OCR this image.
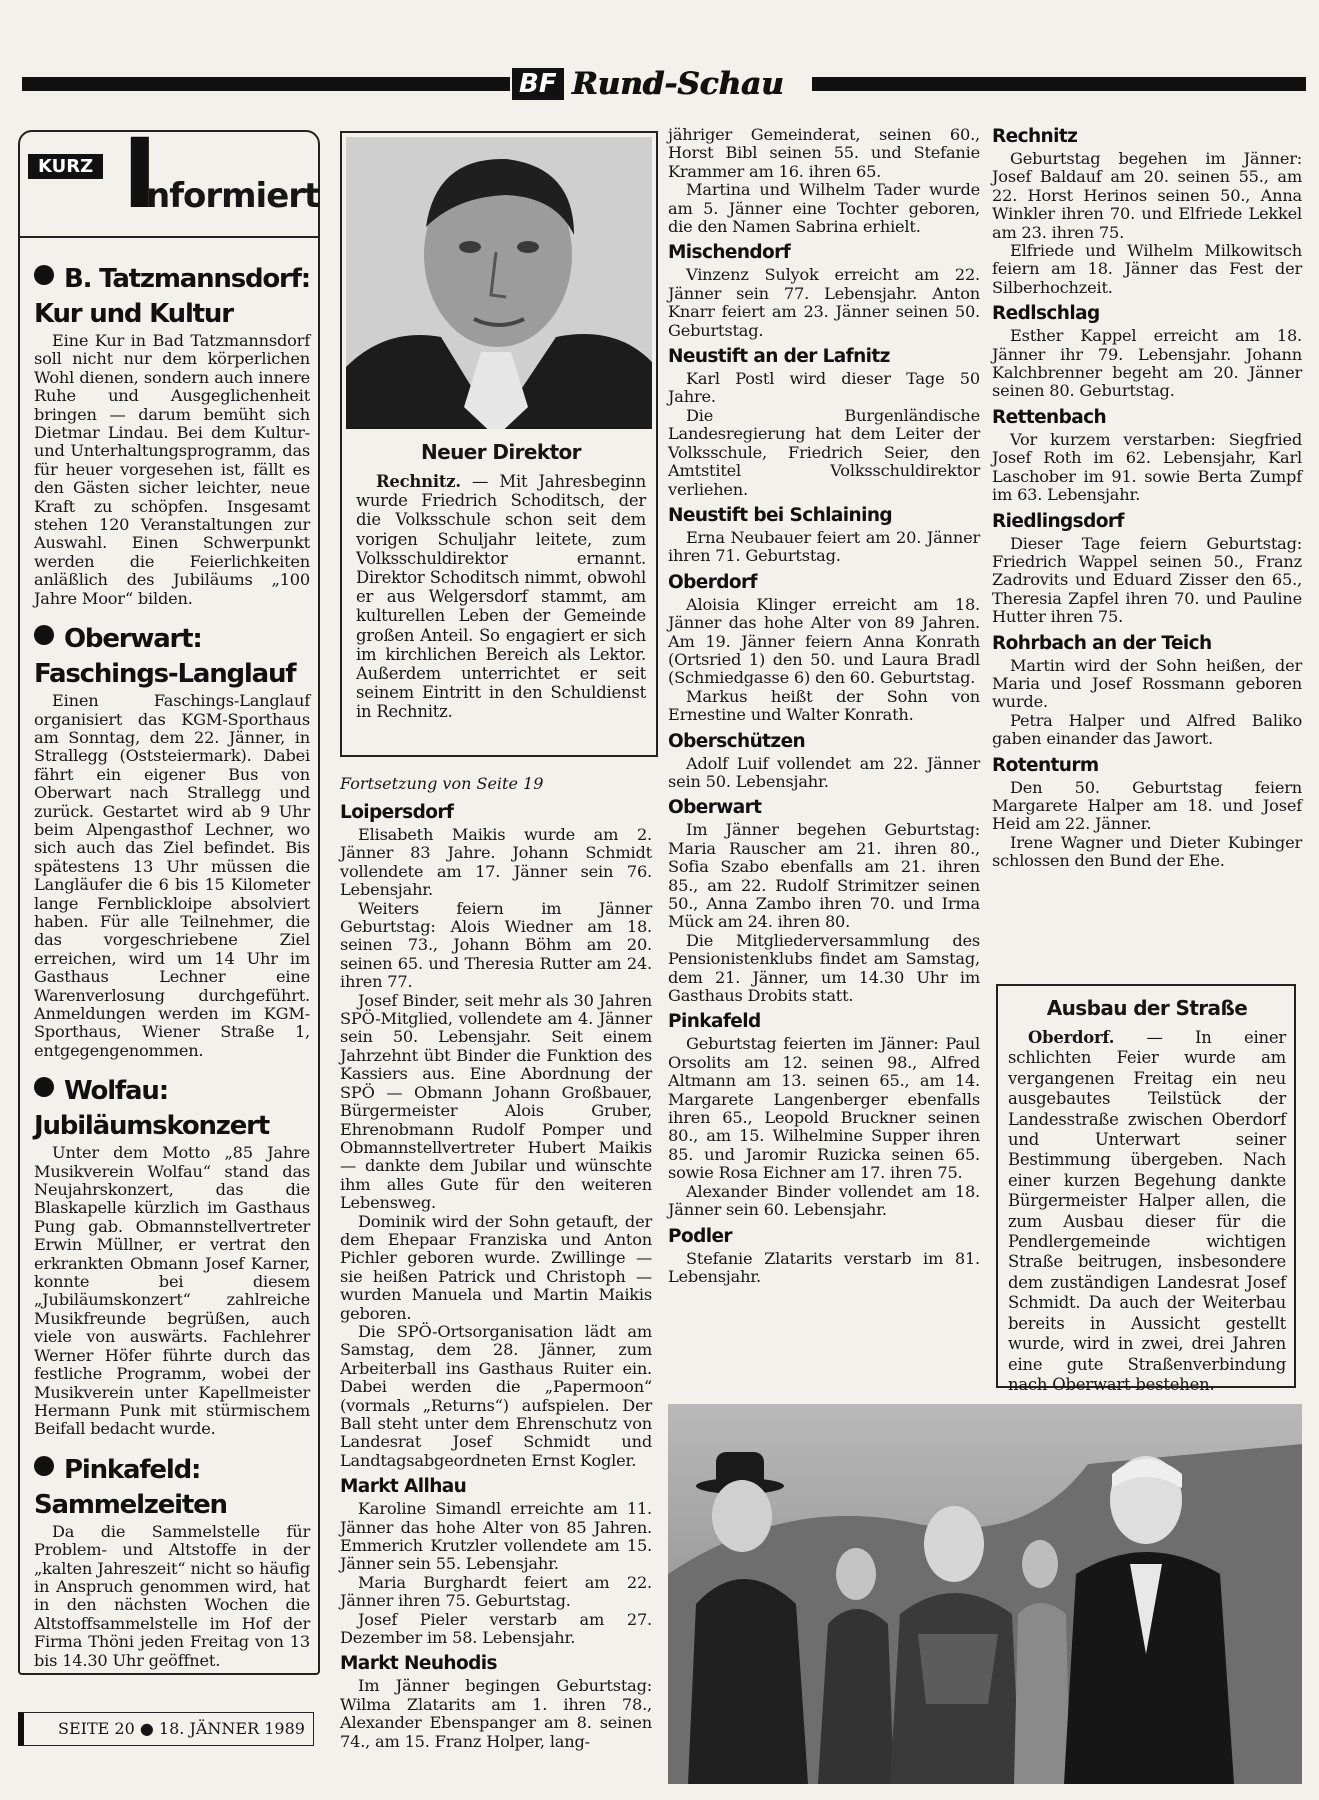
BF Rund-Schau
KURZ I
nformiert
B. Tatzmannsdorf:
Kur und Kultur

Eine Kur in Bad Tatzmannsdorf soll nicht nur dem körperlichen Wohl dienen, sondern auch innere Ruhe und Ausgeglichenheit bringen — darum bemüht sich Dietmar Lindau. Bei dem Kultur- und Unterhaltungsprogramm, das für heuer vorgesehen ist, fällt es den Gästen sicher leichter, neue Kraft zu schöpfen. Insgesamt stehen 120 Veranstaltungen zur Auswahl. Einen Schwerpunkt werden die Feierlichkeiten anläßlich des Jubiläums „100 Jahre Moor“ bilden.

Oberwart:
Faschings-Langlauf

Einen Faschings-Langlauf organisiert das KGM-Sporthaus am Sonntag, dem 22. Jänner, in Strallegg (Oststeiermark). Dabei fährt ein eigener Bus von Oberwart nach Strallegg und zurück. Gestartet wird ab 9 Uhr beim Alpengasthof Lechner, wo sich auch das Ziel befindet. Bis spätestens 13 Uhr müssen die Langläufer die 6 bis 15 Kilometer lange Fernblickloipe absolviert haben. Für alle Teilnehmer, die das vorgeschriebene Ziel erreichen, wird um 14 Uhr im Gasthaus Lechner eine Warenverlosung durchgeführt. Anmeldungen werden im KGM-Sporthaus, Wiener Straße 1, entgegengenommen.

Wolfau:
Jubiläumskonzert

Unter dem Motto „85 Jahre Musikverein Wolfau“ stand das Neujahrskonzert, das die Blaskapelle kürzlich im Gasthaus Pung gab. Obmannstellvertreter Erwin Müllner, er vertrat den erkrankten Obmann Josef Karner, konnte bei diesem „Jubiläumskonzert“ zahlreiche Musikfreunde begrüßen, auch viele von auswärts. Fachlehrer Werner Höfer führte durch das festliche Programm, wobei der Musikverein unter Kapellmeister Hermann Punk mit stürmischem Beifall bedacht wurde.

Pinkafeld:
Sammelzeiten

Da die Sammelstelle für Problem- und Altstoffe in der „kalten Jahreszeit“ nicht so häufig in Anspruch genommen wird, hat in den nächsten Wochen die Altstoffsammelstelle im Hof der Firma Thöni jeden Freitag von 13 bis 14.30 Uhr geöffnet.

SEITE 20 ● 18. JÄNNER 1989
Neuer Direktor

Rechnitz. — Mit Jahresbeginn wurde Friedrich Schoditsch, der die Volksschule schon seit dem vorigen Schuljahr leitete, zum Volksschuldirektor ernannt. Direktor Schoditsch nimmt, obwohl er aus Welgersdorf stammt, am kulturellen Leben der Gemeinde großen Anteil. So engagiert er sich im kirchlichen Bereich als Lektor. Außerdem unterrichtet er seit seinem Eintritt in den Schuldienst in Rechnitz.

Fortsetzung von Seite 19
Loipersdorf

Elisabeth Maikis wurde am 2. Jänner 83 Jahre. Johann Schmidt vollendete am 17. Jänner sein 76. Lebensjahr.

Weiters feiern im Jänner Geburtstag: Alois Wiedner am 18. seinen 73., Johann Böhm am 20. seinen 65. und Theresia Rutter am 24. ihren 77.

Josef Binder, seit mehr als 30 Jahren SPÖ-Mitglied, vollendete am 4. Jänner sein 50. Lebensjahr. Seit einem Jahrzehnt übt Binder die Funktion des Kassiers aus. Eine Abordnung der SPÖ — Obmann Johann Großbauer, Bürgermeister Alois Gruber, Ehrenobmann Rudolf Pomper und Obmannstellvertreter Hubert Maikis — dankte dem Jubilar und wünschte ihm alles Gute für den weiteren Lebensweg.

Dominik wird der Sohn getauft, der dem Ehepaar Franziska und Anton Pichler geboren wurde. Zwillinge — sie heißen Patrick und Christoph — wurden Manuela und Martin Maikis geboren.

Die SPÖ-Ortsorganisation lädt am Samstag, dem 28. Jänner, zum Arbeiterball ins Gasthaus Ruiter ein. Dabei werden die „Papermoon“ (vormals „Returns“) aufspielen. Der Ball steht unter dem Ehrenschutz von Landesrat Josef Schmidt und Landtagsabgeordneten Ernst Kogler.

Markt Allhau

Karoline Simandl erreichte am 11. Jänner das hohe Alter von 85 Jahren. Emmerich Krutzler vollendete am 15. Jänner sein 55. Lebensjahr.

Maria Burghardt feiert am 22. Jänner ihren 75. Geburtstag.

Josef Pieler verstarb am 27. Dezember im 58. Lebensjahr.

Markt Neuhodis

Im Jänner begingen Geburtstag: Wilma Zlatarits am 1. ihren 78., Alexander Ebenspanger am 8. seinen 74., am 15. Franz Holper, lang-

jähriger Gemeinderat, seinen 60., Horst Bibl seinen 55. und Stefanie Krammer am 16. ihren 65.

Martina und Wilhelm Tader wurde am 5. Jänner eine Tochter geboren, die den Namen Sabrina erhielt.

Mischendorf

Vinzenz Sulyok erreicht am 22. Jänner sein 77. Lebensjahr. Anton Knarr feiert am 23. Jänner seinen 50. Geburtstag.

Neustift an der Lafnitz

Karl Postl wird dieser Tage 50 Jahre.

Die Burgenländische Landesregierung hat dem Leiter der Volksschule, Friedrich Seier, den Amtstitel Volksschuldirektor verliehen.

Neustift bei Schlaining

Erna Neubauer feiert am 20. Jänner ihren 71. Geburtstag.

Oberdorf

Aloisia Klinger erreicht am 18. Jänner das hohe Alter von 89 Jahren. Am 19. Jänner feiern Anna Konrath (Ortsried 1) den 50. und Laura Bradl (Schmiedgasse 6) den 60. Geburtstag.

Markus heißt der Sohn von Ernestine und Walter Konrath.

Oberschützen

Adolf Luif vollendet am 22. Jänner sein 50. Lebensjahr.

Oberwart

Im Jänner begehen Geburtstag: Maria Rauscher am 21. ihren 80., Sofia Szabo ebenfalls am 21. ihren 85., am 22. Rudolf Strimitzer seinen 50., Anna Zambo ihren 70. und Irma Mück am 24. ihren 80.

Die Mitgliederversammlung des Pensionistenklubs findet am Samstag, dem 21. Jänner, um 14.30 Uhr im Gasthaus Drobits statt.

Pinkafeld

Geburtstag feierten im Jänner: Paul Orsolits am 12. seinen 98., Alfred Altmann am 13. seinen 65., am 14. Margarete Langenberger ebenfalls ihren 65., Leopold Bruckner seinen 80., am 15. Wilhelmine Supper ihren 85. und Jaromir Ruzicka seinen 65. sowie Rosa Eichner am 17. ihren 75.

Alexander Binder vollendet am 18. Jänner sein 60. Lebensjahr.

Podler

Stefanie Zlatarits verstarb im 81. Lebensjahr.

Rechnitz

Geburtstag begehen im Jänner: Josef Baldauf am 20. seinen 55., am 22. Horst Herinos seinen 50., Anna Winkler ihren 70. und Elfriede Lekkel am 23. ihren 75.

Elfriede und Wilhelm Milkowitsch feiern am 18. Jänner das Fest der Silberhochzeit.

Redlschlag

Esther Kappel erreicht am 18. Jänner ihr 79. Lebensjahr. Johann Kalchbrenner begeht am 20. Jänner seinen 80. Geburtstag.

Rettenbach

Vor kurzem verstarben: Siegfried Josef Roth im 62. Lebensjahr, Karl Laschober im 91. sowie Berta Zumpf im 63. Lebensjahr.

Riedlingsdorf

Dieser Tage feiern Geburtstag: Friedrich Wappel seinen 50., Franz Zadrovits und Eduard Zisser den 65., Theresia Zapfel ihren 70. und Pauline Hutter ihren 75.

Rohrbach an der Teich

Martin wird der Sohn heißen, der Maria und Josef Rossmann geboren wurde.

Petra Halper und Alfred Baliko gaben einander das Jawort.

Rotenturm

Den 50. Geburtstag feiern Margarete Halper am 18. und Josef Heid am 22. Jänner.

Irene Wagner und Dieter Kubinger schlossen den Bund der Ehe.

Ausbau der Straße

Oberdorf. — In einer schlichten Feier wurde am vergangenen Freitag ein neu ausgebautes Teilstück der Landesstraße zwischen Oberdorf und Unterwart seiner Bestimmung übergeben. Nach einer kurzen Begehung dankte Bürgermeister Halper allen, die zum Ausbau dieser für die Pendlergemeinde wichtigen Straße beitrugen, insbesondere dem zuständigen Landesrat Josef Schmidt. Da auch der Weiterbau bereits in Aussicht gestellt wurde, wird in zwei, drei Jahren eine gute Straßenverbindung nach Oberwart bestehen.
